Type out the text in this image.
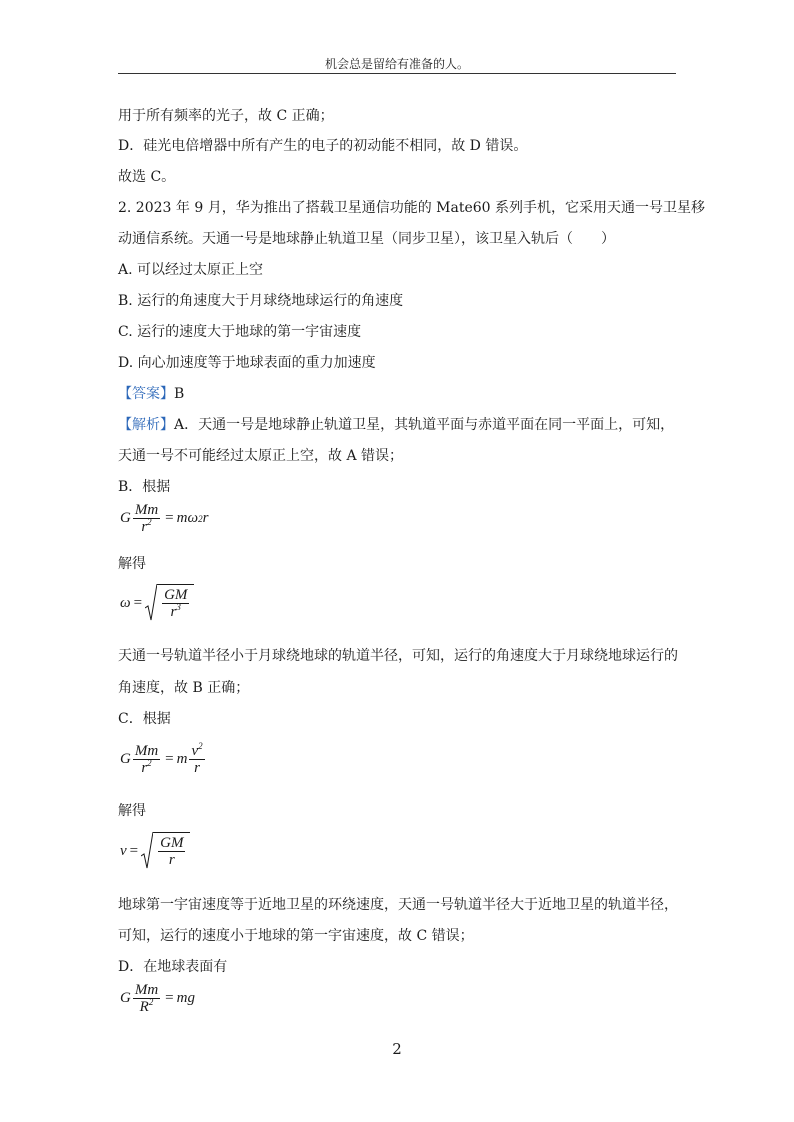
机会总是留给有准备的人。
用于所有频率的光子，故 C 正确；
D．硅光电倍增器中所有产生的电子的初动能不相同，故 D 错误。
故选 C。
2. 2023 年 9 月，华为推出了搭载卫星通信功能的 Mate60 系列手机，它采用天通一号卫星移
动通信系统。天通一号是地球静止轨道卫星（同步卫星），该卫星入轨后（　　）
A. 可以经过太原正上空
B. 运行的角速度大于月球绕地球运行的角速度
C. 运行的速度大于地球的第一宇宙速度
D. 向心加速度等于地球表面的重力加速度
【答案】B
【解析】A．天通一号是地球静止轨道卫星，其轨道平面与赤道平面在同一平面上，可知，
天通一号不可能经过太原正上空，故 A 错误；
B．根据
G $\frac{Mm}{r^2} = m\omega$ 2 r
解得
$\omega = \frac{GM}{r^3}$
天通一号轨道半径小于月球绕地球的轨道半径，可知，运行的角速度大于月球绕地球运行的
角速度，故 B 正确；
C．根据
G $\frac{Mm}{r^2} = m \frac{v^2}{r}$
解得
$v = \frac{GM}{r}$
地球第一宇宙速度等于近地卫星的环绕速度，天通一号轨道半径大于近地卫星的轨道半径，
可知，运行的速度小于地球的第一宇宙速度，故 C 错误；
D．在地球表面有
G $\frac{Mm}{R^2}$ = mg
2
